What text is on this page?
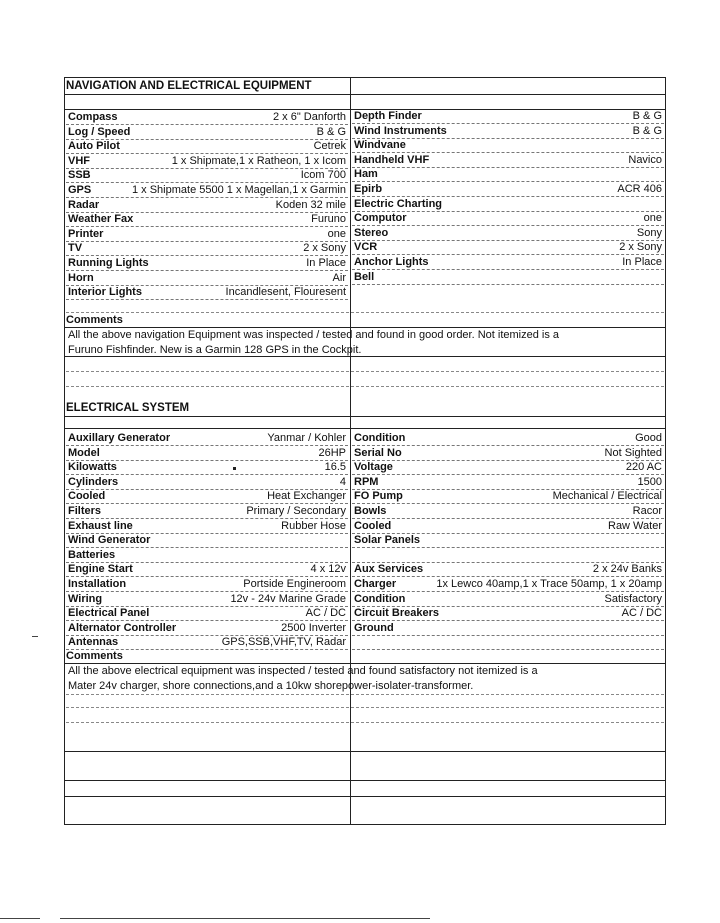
NAVIGATION AND ELECTRICAL EQUIPMENT
Compass	2 x 6" Danforth
Log / Speed	B & G
Auto Pilot	Cetrek
VHF	1 x Shipmate,1 x Ratheon, 1 x Icom
SSB	Icom 700
GPS	1 x Shipmate 5500 1 x Magellan,1 x Garmin
Radar	Koden 32 mile
Weather Fax	Furuno
Printer	one
TV	2 x Sony
Running Lights	In Place
Horn	Air
Interior Lights	Incandlesent, Flouresent
Depth Finder	B & G
Wind Instruments	B & G
Windvane
Handheld VHF	Navico
Ham
Epirb	ACR 406
Electric Charting
Computor	one
Stereo	Sony
VCR	2 x Sony
Anchor Lights	In Place
Bell
Comments
All the above navigation Equipment was inspected / tested and found in good order. Not itemized is a
Furuno Fishfinder. New is a Garmin 128 GPS in the Cockpit.
ELECTRICAL SYSTEM
Auxillary Generator	Yanmar / Kohler
Model	26HP
Kilowatts	16.5
Cylinders	4
Cooled	Heat Exchanger
Filters	Primary / Secondary
Exhaust line	Rubber Hose
Wind Generator
Batteries
Engine Start	4 x 12v
Installation	Portside Engineroom
Wiring	12v - 24v Marine Grade
Electrical Panel	AC / DC
Alternator Controller	2500 Inverter
Antennas	GPS,SSB,VHF,TV, Radar
Condition	Good
Serial No	Not Sighted
Voltage	220 AC
RPM	1500
FO Pump	Mechanical / Electrical
Bowls	Racor
Cooled	Raw Water
Solar Panels
Aux Services	2 x 24v Banks
Charger	1x Lewco 40amp,1 x Trace 50amp, 1 x 20amp
Condition	Satisfactory
Circuit Breakers	AC / DC
Ground
Comments
All the above electrical equipment was inspected / tested and found satisfactory not itemized is a
Mater 24v charger, shore connections,and a 10kw shorepower-isolater-transformer.
